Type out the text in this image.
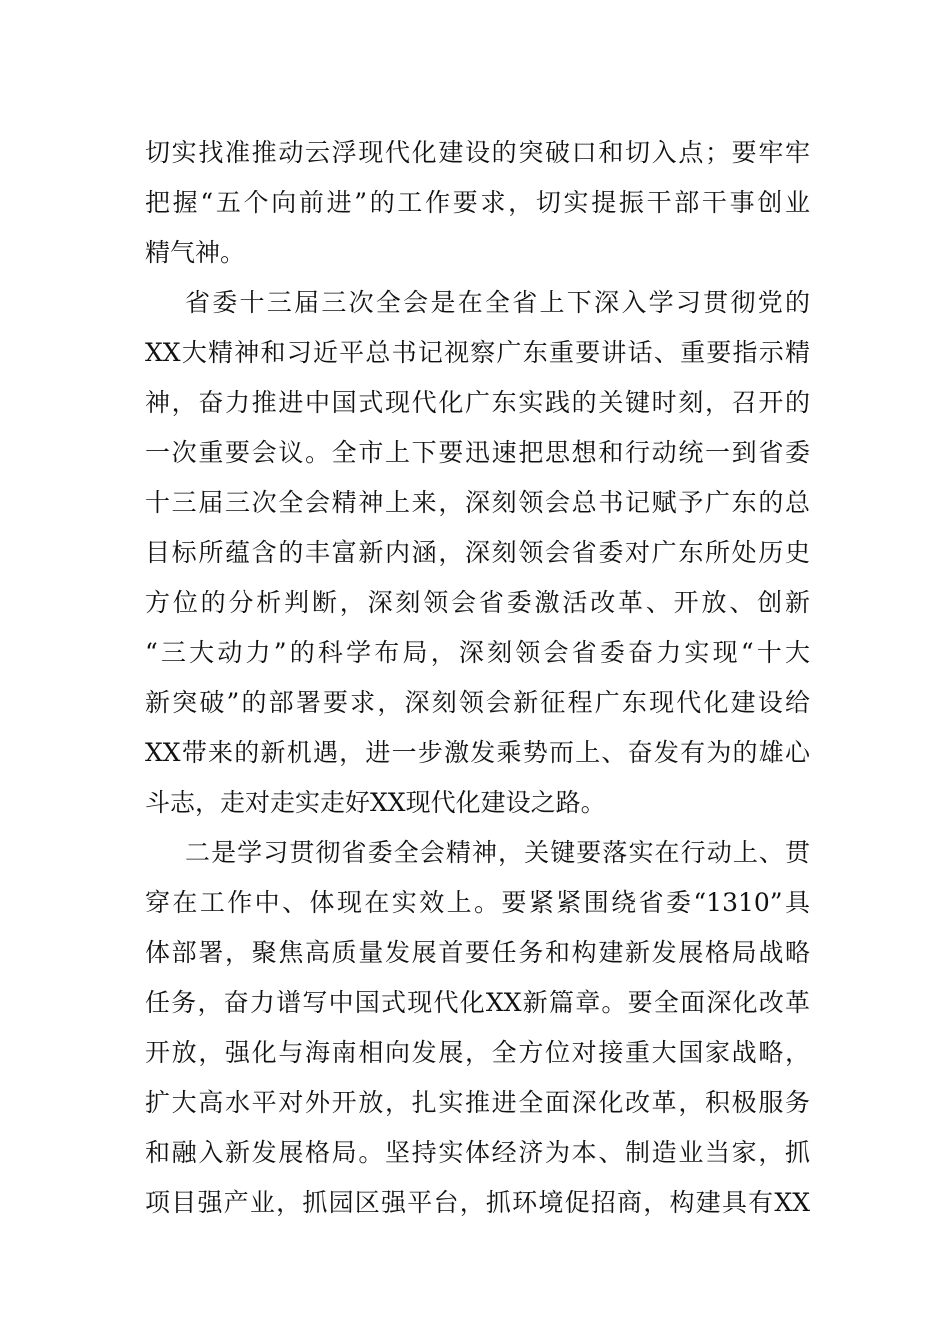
切实找准推动云浮现代化建设的突破口和切入点；要牢牢
把握“五个向前进”的工作要求，切实提振干部干事创业
精气神。
省委十三届三次全会是在全省上下深入学习贯彻党的
XX大精神和习近平总书记视察广东重要讲话、重要指示精
神，奋力推进中国式现代化广东实践的关键时刻，召开的
一次重要会议。全市上下要迅速把思想和行动统一到省委
十三届三次全会精神上来，深刻领会总书记赋予广东的总
目标所蕴含的丰富新内涵，深刻领会省委对广东所处历史
方位的分析判断，深刻领会省委激活改革、开放、创新
“三大动力”的科学布局，深刻领会省委奋力实现“十大
新突破”的部署要求，深刻领会新征程广东现代化建设给
XX带来的新机遇，进一步激发乘势而上、奋发有为的雄心
斗志，走对走实走好XX现代化建设之路。
二是学习贯彻省委全会精神，关键要落实在行动上、贯
穿在工作中、体现在实效上。要紧紧围绕省委“1310”具
体部署，聚焦高质量发展首要任务和构建新发展格局战略
任务，奋力谱写中国式现代化XX新篇章。要全面深化改革
开放，强化与海南相向发展，全方位对接重大国家战略，
扩大高水平对外开放，扎实推进全面深化改革，积极服务
和融入新发展格局。坚持实体经济为本、制造业当家，抓
项目强产业，抓园区强平台，抓环境促招商，构建具有XX
